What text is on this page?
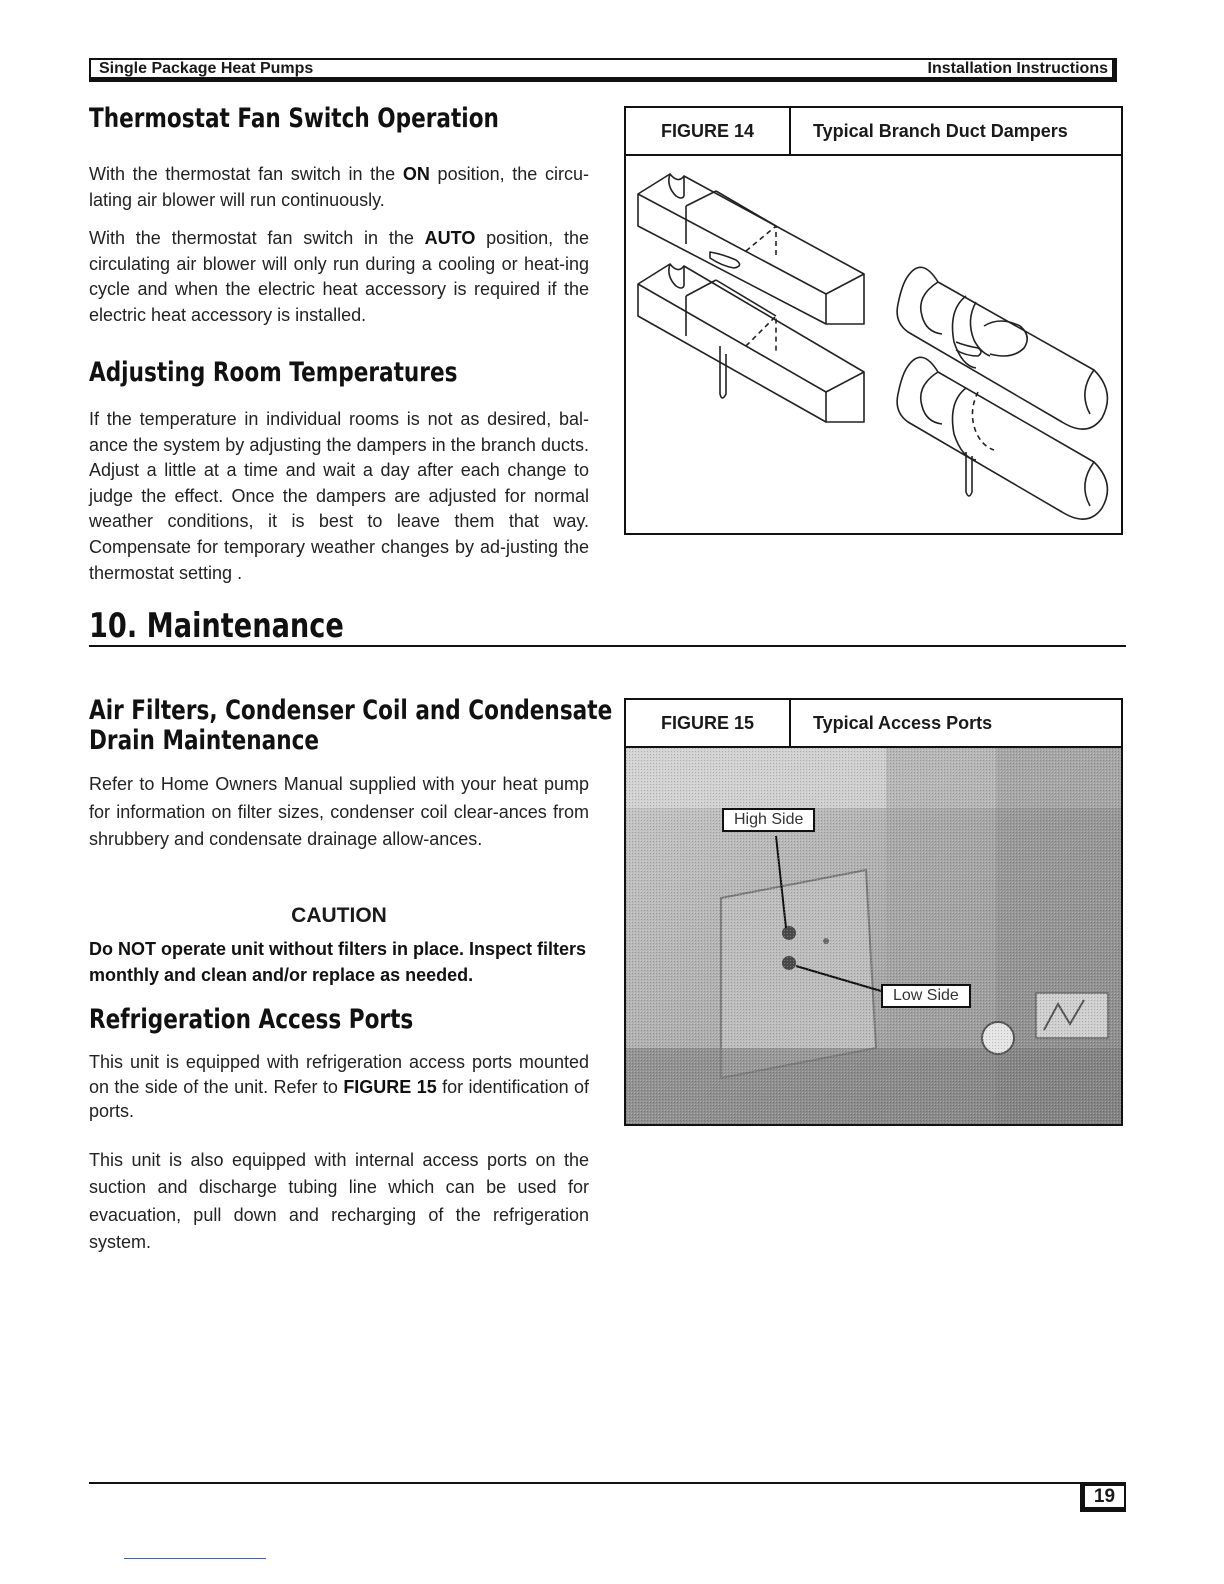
Single Package Heat Pumps	Installation Instructions
Thermostat Fan Switch Operation
With the thermostat fan switch in the ON position, the circu-lating air blower will run continuously.
With the thermostat fan switch in the AUTO position, the circulating air blower will only run during a cooling or heat-ing cycle and when the electric heat accessory is required if the electric heat accessory is installed.
Adjusting Room Temperatures
If the temperature in individual rooms is not as desired, bal-ance the system by adjusting the dampers in the branch ducts. Adjust a little at a time and wait a day after each change to judge the effect. Once the dampers are adjusted for normal weather conditions, it is best to leave them that way. Compensate for temporary weather changes by ad-justing the thermostat setting .
10. Maintenance
Air Filters, Condenser Coil and Condensate
Drain Maintenance
Refer to Home Owners Manual supplied with your heat pump for information on filter sizes, condenser coil clear-ances from shrubbery and condensate drainage allow-ances.
CAUTION
Do NOT operate unit without filters in place. Inspect filters monthly and clean and/or replace as needed.
Refrigeration Access Ports
This unit is equipped with refrigeration access ports mounted on the side of the unit. Refer to FIGURE 15 for identification of ports.
This unit is also equipped with internal access ports on the suction and discharge tubing line which can be used for evacuation, pull down and recharging of the refrigeration system.
FIGURE 14	Typical Branch Duct Dampers
FIGURE 15	Typical Access Ports
High Side
Low Side
19
